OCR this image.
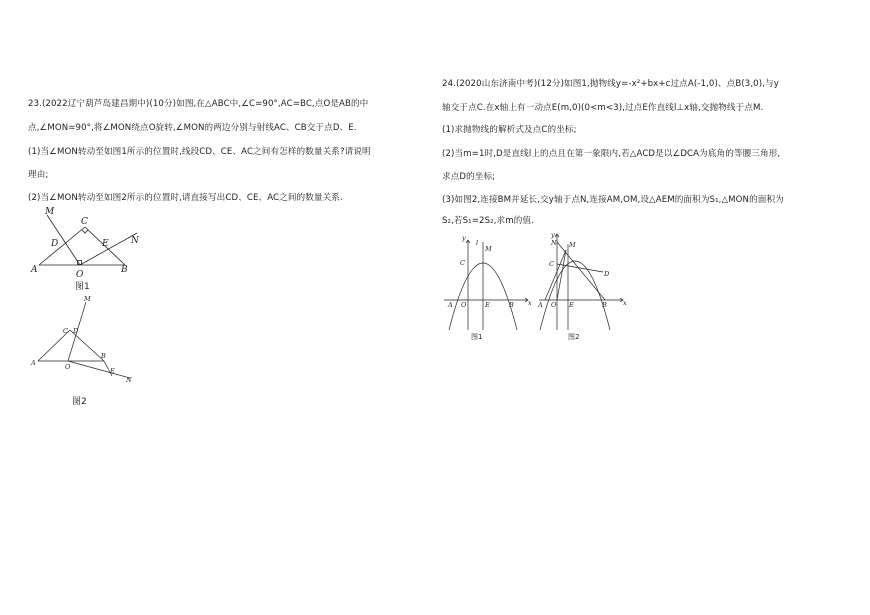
23.(2022辽宁葫芦岛建昌期中)(10分)如图,在△ABC中,∠C=90°,AC=BC,点O是AB的中
点,∠MON=90°,将∠MON绕点O旋转,∠MON的两边分别与射线AC、CB交于点D、E.
(1)当∠MON转动至如图1所示的位置时,线段CD、CE、AC之间有怎样的数量关系?请说明
理由;
(2)当∠MON转动至如图2所示的位置时,请直接写出CD、CE、AC之间的数量关系.
M
C
D	E N
A	O	B
图1
M
C D
A	O
B
E
N
图2
24.(2020山东济南中考)(12分)如图1,抛物线y=-x²+bx+c过点A(-1,0)、点B(3,0),与y
轴交于点C.在x轴上有一动点E(m,0)(0<m<3),过点E作直线l⊥x轴,交抛物线于点M.
(1)求抛物线的解析式及点C的坐标;
(2)当m=1时,D是直线l上的点且在第一象限内,若△ACD是以∠DCA为底角的等腰三角形,
求点D的坐标;
(3)如图2,连接BM并延长,交y轴于点N,连接AM,OM,设△AEM的面积为S₁,△MON的面积为
S₂,若S₁=2S₂,求m的值.
y
l
M
C
A O	E	B x
图1
y
N M
C
D
A O E	B x
图2
